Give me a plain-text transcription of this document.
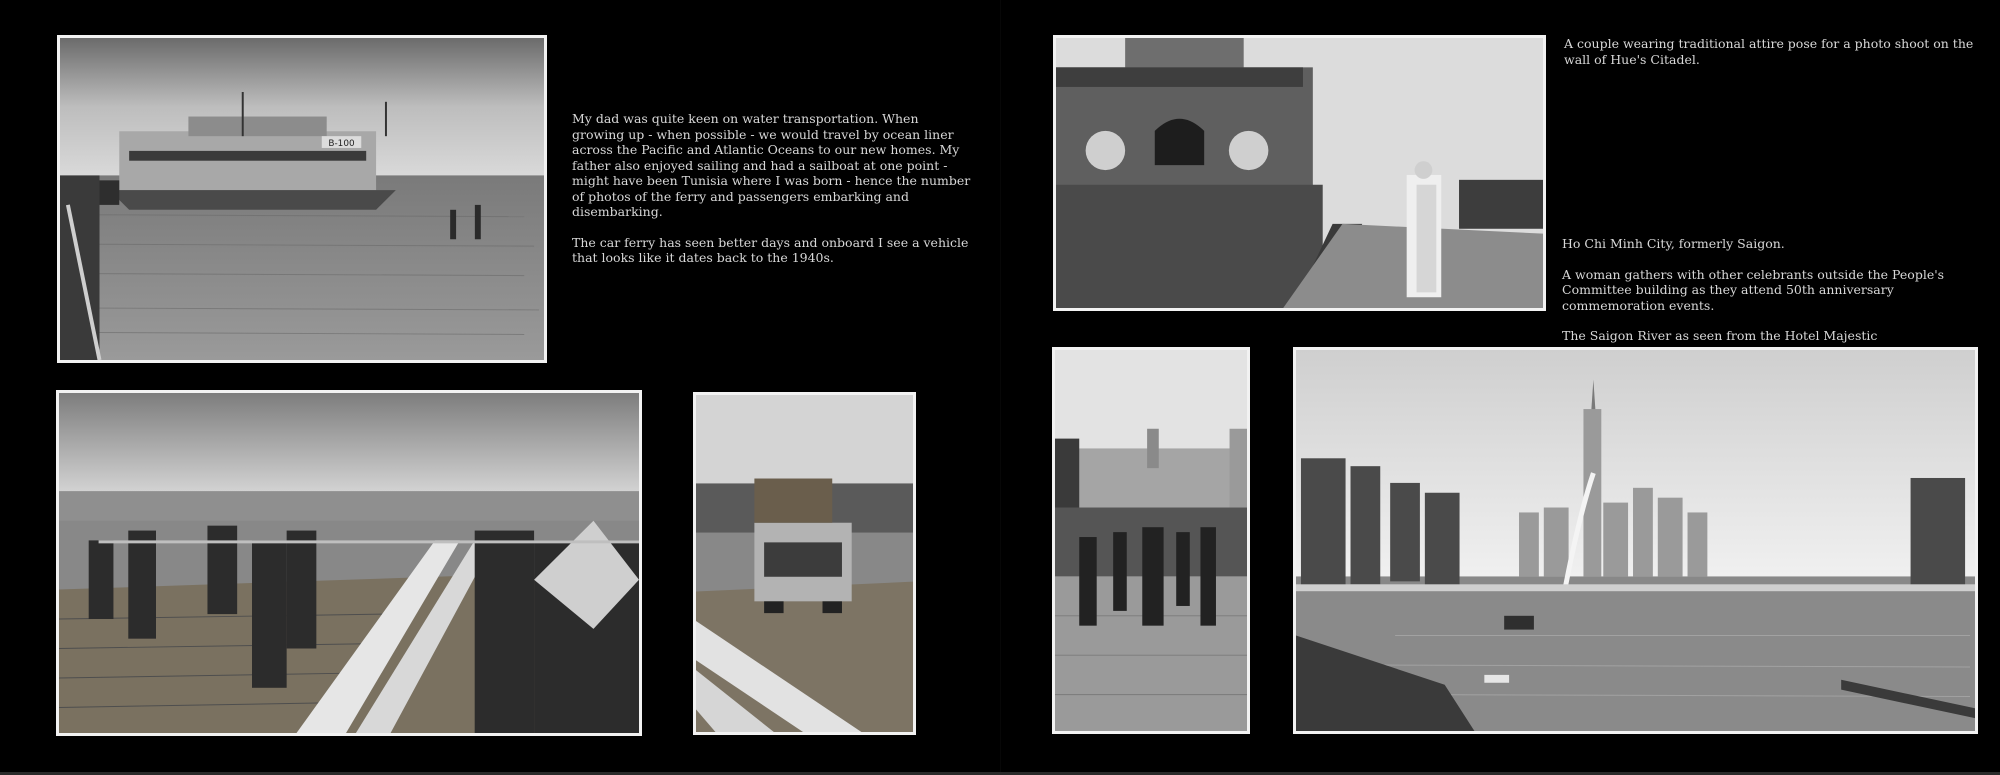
B-100

My dad was quite keen on water transportation. When growing up - when possible - we would travel by ocean liner across the Pacific and Atlantic Oceans to our new homes. My father also enjoyed sailing and had a sailboat at one point - might have been Tunisia where I was born - hence the number of photos of the ferry and passengers embarking and disembarking.

The car ferry has seen better days and onboard I see a vehicle that looks like it dates back to the 1940s.

A couple wearing traditional attire pose for a photo shoot on the wall of Hue's Citadel.

Ho Chi Minh City, formerly Saigon.

A woman gathers with other celebrants outside the People's Committee building as they attend 50th anniversary commemoration events.

The Saigon River as seen from the Hotel Majestic
